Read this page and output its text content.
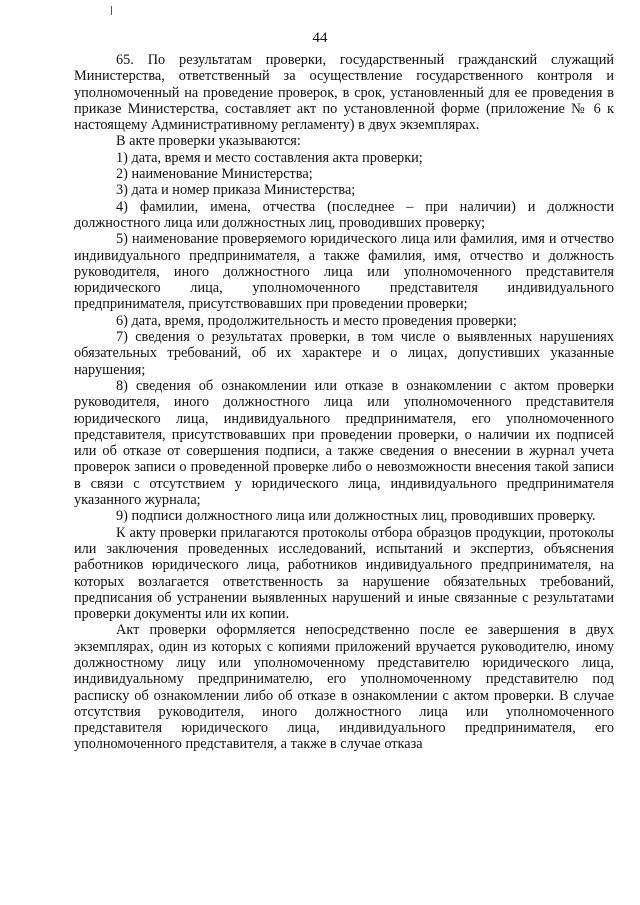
44

65. По результатам проверки, государственный гражданский служащий Министерства, ответственный за осуществление государственного контроля и уполномоченный на проведение проверок, в срок, установленный для ее проведения в приказе Министерства, составляет акт по установленной форме (приложение № 6 к настоящему Административному регламенту) в двух экземплярах.

В акте проверки указываются:

1) дата, время и место составления акта проверки;

2) наименование Министерства;

3) дата и номер приказа Министерства;

4) фамилии, имена, отчества (последнее – при наличии) и должности должностного лица или должностных лиц, проводивших проверку;

5) наименование проверяемого юридического лица или фамилия, имя и отчество индивидуального предпринимателя, а также фамилия, имя, отчество и должность руководителя, иного должностного лица или уполномоченного представителя юридического лица, уполномоченного представителя индивидуального предпринимателя, присутствовавших при проведении проверки;

6) дата, время, продолжительность и место проведения проверки;

7) сведения о результатах проверки, в том числе о выявленных нарушениях обязательных требований, об их характере и о лицах, допустивших указанные нарушения;

8) сведения об ознакомлении или отказе в ознакомлении с актом проверки руководителя, иного должностного лица или уполномоченного представителя юридического лица, индивидуального предпринимателя, его уполномоченного представителя, присутствовавших при проведении проверки, о наличии их подписей или об отказе от совершения подписи, а также сведения о внесении в журнал учета проверок записи о проведенной проверке либо о невозможности внесения такой записи в связи с отсутствием у юридического лица, индивидуального предпринимателя указанного журнала;

9) подписи должностного лица или должностных лиц, проводивших проверку.

К акту проверки прилагаются протоколы отбора образцов продукции, протоколы или заключения проведенных исследований, испытаний и экспертиз, объяснения работников юридического лица, работников индивидуального предпринимателя, на которых возлагается ответственность за нарушение обязательных требований, предписания об устранении выявленных нарушений и иные связанные с результатами проверки документы или их копии.

Акт проверки оформляется непосредственно после ее завершения в двух экземплярах, один из которых с копиями приложений вручается руководителю, иному должностному лицу или уполномоченному представителю юридического лица, индивидуальному предпринимателю, его уполномоченному представителю под расписку об ознакомлении либо об отказе в ознакомлении с актом проверки. В случае отсутствия руководителя, иного должностного лица или уполномоченного представителя юридического лица, индивидуального предпринимателя, его уполномоченного представителя, а также в случае отказа
